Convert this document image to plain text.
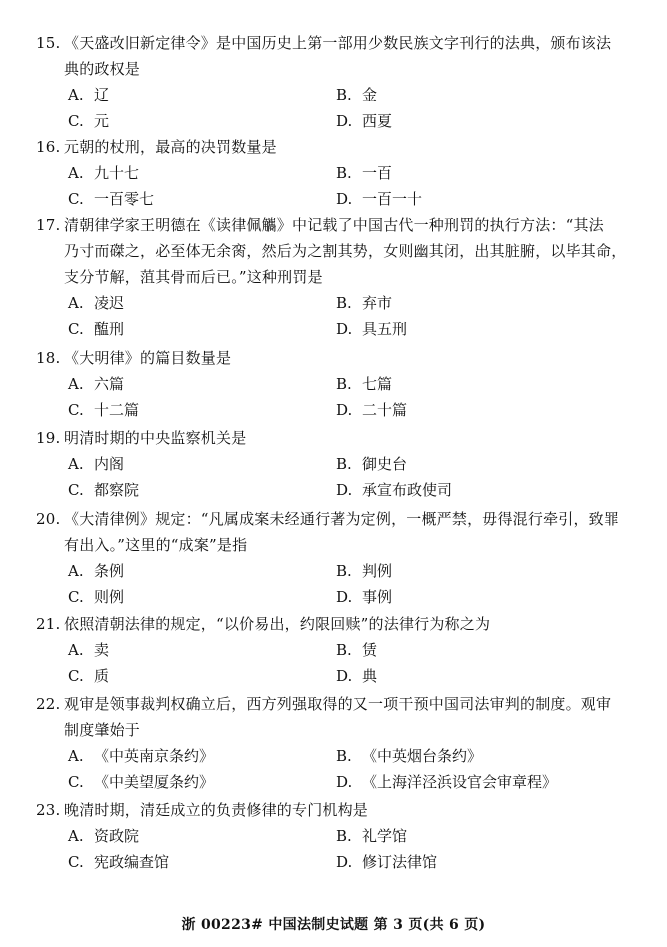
15. 《天盛改旧新定律令》是中国历史上第一部用少数民族文字刊行的法典，颁布该法
典的政权是
A. 辽	B. 金
C. 元	D. 西夏
16. 元朝的杖刑，最高的决罚数量是
A. 九十七	B. 一百
C. 一百零七	D. 一百一十
17. 清朝律学家王明德在《读律佩觿》中记载了中国古代一种刑罚的执行方法：“其法
乃寸而磔之，必至体无余脔，然后为之割其势，女则幽其闭，出其脏腑，以毕其命，
支分节解，菹其骨而后已。”这种刑罚是
A. 凌迟	B. 弃市
C. 醢刑	D. 具五刑
18. 《大明律》的篇目数量是
A. 六篇	B. 七篇
C. 十二篇	D. 二十篇
19. 明清时期的中央监察机关是
A. 内阁	B. 御史台
C. 都察院	D. 承宣布政使司
20. 《大清律例》规定：“凡属成案未经通行著为定例，一概严禁，毋得混行牵引，致罪
有出入。”这里的“成案”是指
A. 条例	B. 判例
C. 则例	D. 事例
21. 依照清朝法律的规定，“以价易出，约限回赎”的法律行为称之为
A. 卖	B. 赁
C. 质	D. 典
22. 观审是领事裁判权确立后，西方列强取得的又一项干预中国司法审判的制度。观审
制度肇始于
A. 《中英南京条约》	B. 《中英烟台条约》
C. 《中美望厦条约》	D. 《上海洋泾浜设官会审章程》
23. 晚清时期，清廷成立的负责修律的专门机构是
A. 资政院	B. 礼学馆
C. 宪政编查馆	D. 修订法律馆
浙 00223# 中国法制史试题 第 3 页(共 6 页)
